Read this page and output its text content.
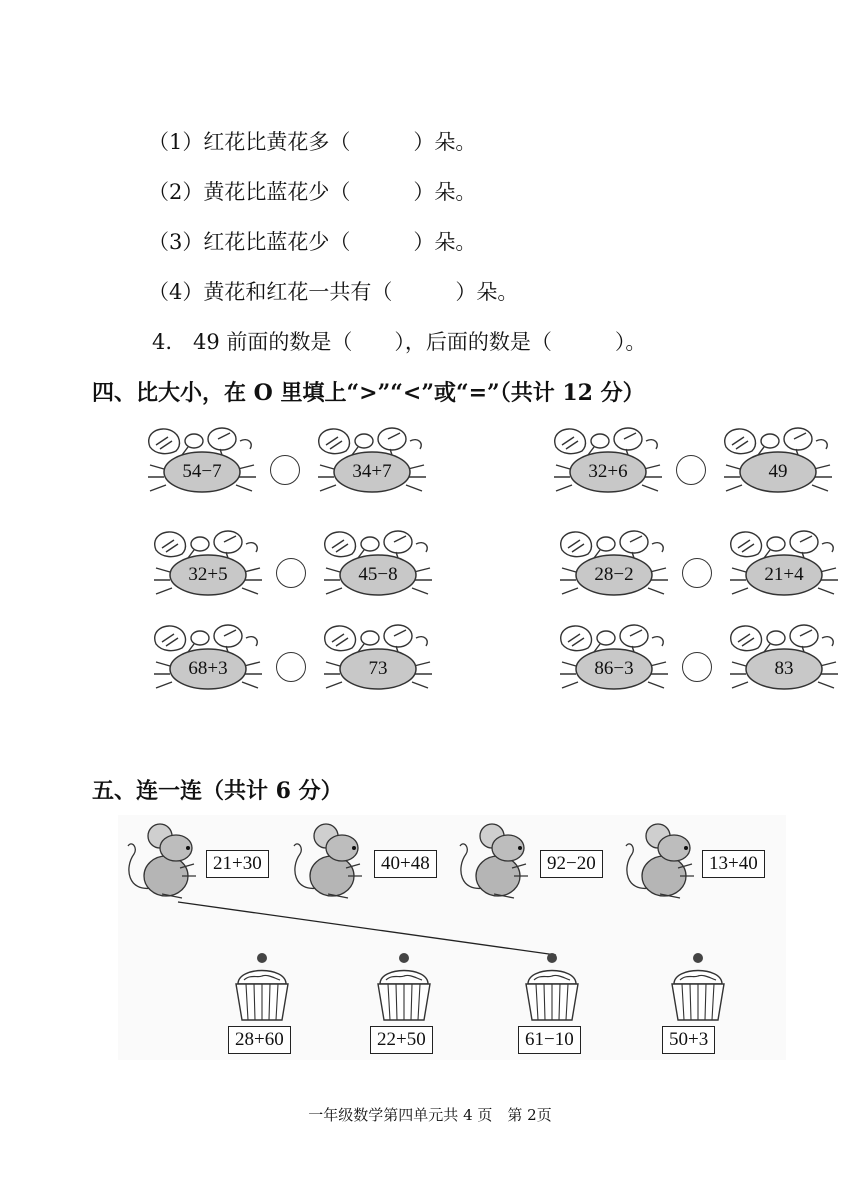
（1）红花比黄花多（　　　）朵。
（2）黄花比蓝花少（　　　）朵。
（3）红花比蓝花少（　　　）朵。
（4）黄花和红花一共有（　　　）朵。
4.　49 前面的数是（　　），后面的数是（　　　）。
四、比大小，在 O 里填上“>”“<”或“=”（共计 12 分）
54−7	34+7	32+6	49
32+5	45−8	28−2	21+4
68+3	73	86−3	83
五、连一连（共计 6 分）
21+30	40+48	92−20	13+40
28+60	22+50	61−10	50+3
一年级数学第四单元共 4 页　第 2页
